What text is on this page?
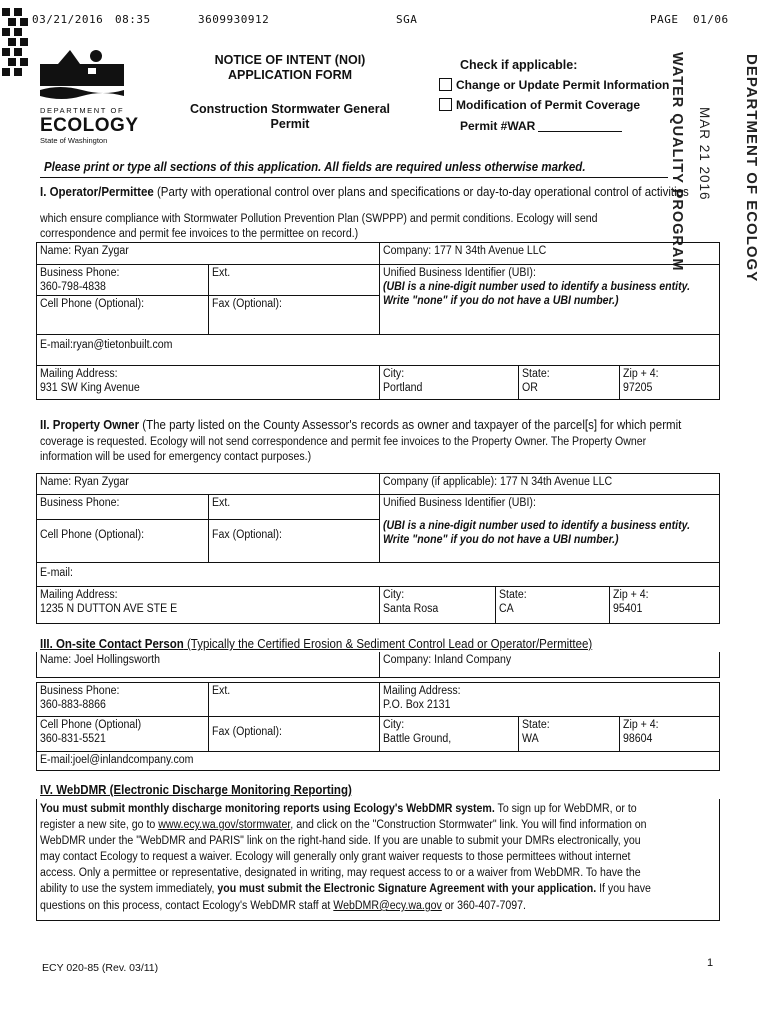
03/21/2016 08:35	3609930912	SGA	PAGE 01/06
DEPARTMENT OF
ECOLOGY
State of Washington
NOTICE OF INTENT (NOI)
APPLICATION FORM
Construction Stormwater General
Permit
Check if applicable:
Change or Update Permit Information
Modification of Permit Coverage
Permit #WAR	DEPARTMENT OF ECOLOGY
WATER QUALITY PROGRAM MAR 21 2016
Please print or type all sections of this application. All fields are required unless otherwise marked.
I. Operator/Permittee (Party with operational control over plans and specifications or day-to-day operational control of activities
which ensure compliance with Stormwater Pollution Prevention Plan (SWPPP) and permit conditions. Ecology will send
correspondence and permit fee invoices to the permittee on record.)
Name: Ryan Zygar	Company: 177 N 34th Avenue LLC
Business Phone:
360-798-4838
Ext.
Cell Phone (Optional):	Fax (Optional):
Unified Business Identifier (UBI):
(UBI is a nine-digit number used to identify a business entity.
Write "none" if you do not have a UBI number.)
E-mail:ryan@tietonbuilt.com
Mailing Address:
931 SW King Avenue
City:
Portland
State:
OR
Zip + 4:
97205
II. Property Owner (The party listed on the County Assessor's records as owner and taxpayer of the parcel[s] for which permit
coverage is requested. Ecology will not send correspondence and permit fee invoices to the Property Owner. The Property Owner
information will be used for emergency contact purposes.)
Name: Ryan Zygar	Company (if applicable): 177 N 34th Avenue LLC
Business Phone:	Ext.	Unified Business Identifier (UBI):
(UBI is a nine-digit number used to identify a business entity.
Write "none" if you do not have a UBI number.)
Cell Phone (Optional):	Fax (Optional):
E-mail:
Mailing Address:
1235 N DUTTON AVE STE E
City:
Santa Rosa
State:
CA
Zip + 4:
95401
III. On-site Contact Person (Typically the Certified Erosion & Sediment Control Lead or Operator/Permittee)
Name: Joel Hollingsworth	Company: Inland Company
Business Phone:
360-883-8866
Ext.	Mailing Address:
P.O. Box 2131
Cell Phone (Optional)
360-831-5521
Fax (Optional):
City:
Battle Ground,
State:
WA
Zip + 4:
98604
E-mail:joel@inlandcompany.com
IV. WebDMR (Electronic Discharge Monitoring Reporting)
You must submit monthly discharge monitoring reports using Ecology's WebDMR system. To sign up for WebDMR, or to
register a new site, go to www.ecy.wa.gov/stormwater, and click on the "Construction Stormwater" link. You will find information on
WebDMR under the "WebDMR and PARIS" link on the right-hand side. If you are unable to submit your DMRs electronically, you
may contact Ecology to request a waiver. Ecology will generally only grant waiver requests to those permittees without internet
access. Only a permittee or representative, designated in writing, may request access to or a waiver from WebDMR. To have the
ability to use the system immediately, you must submit the Electronic Signature Agreement with your application. If you have
questions on this process, contact Ecology's WebDMR staff at WebDMR@ecy.wa.gov or 360-407-7097.
ECY 020-85 (Rev. 03/11)	1
